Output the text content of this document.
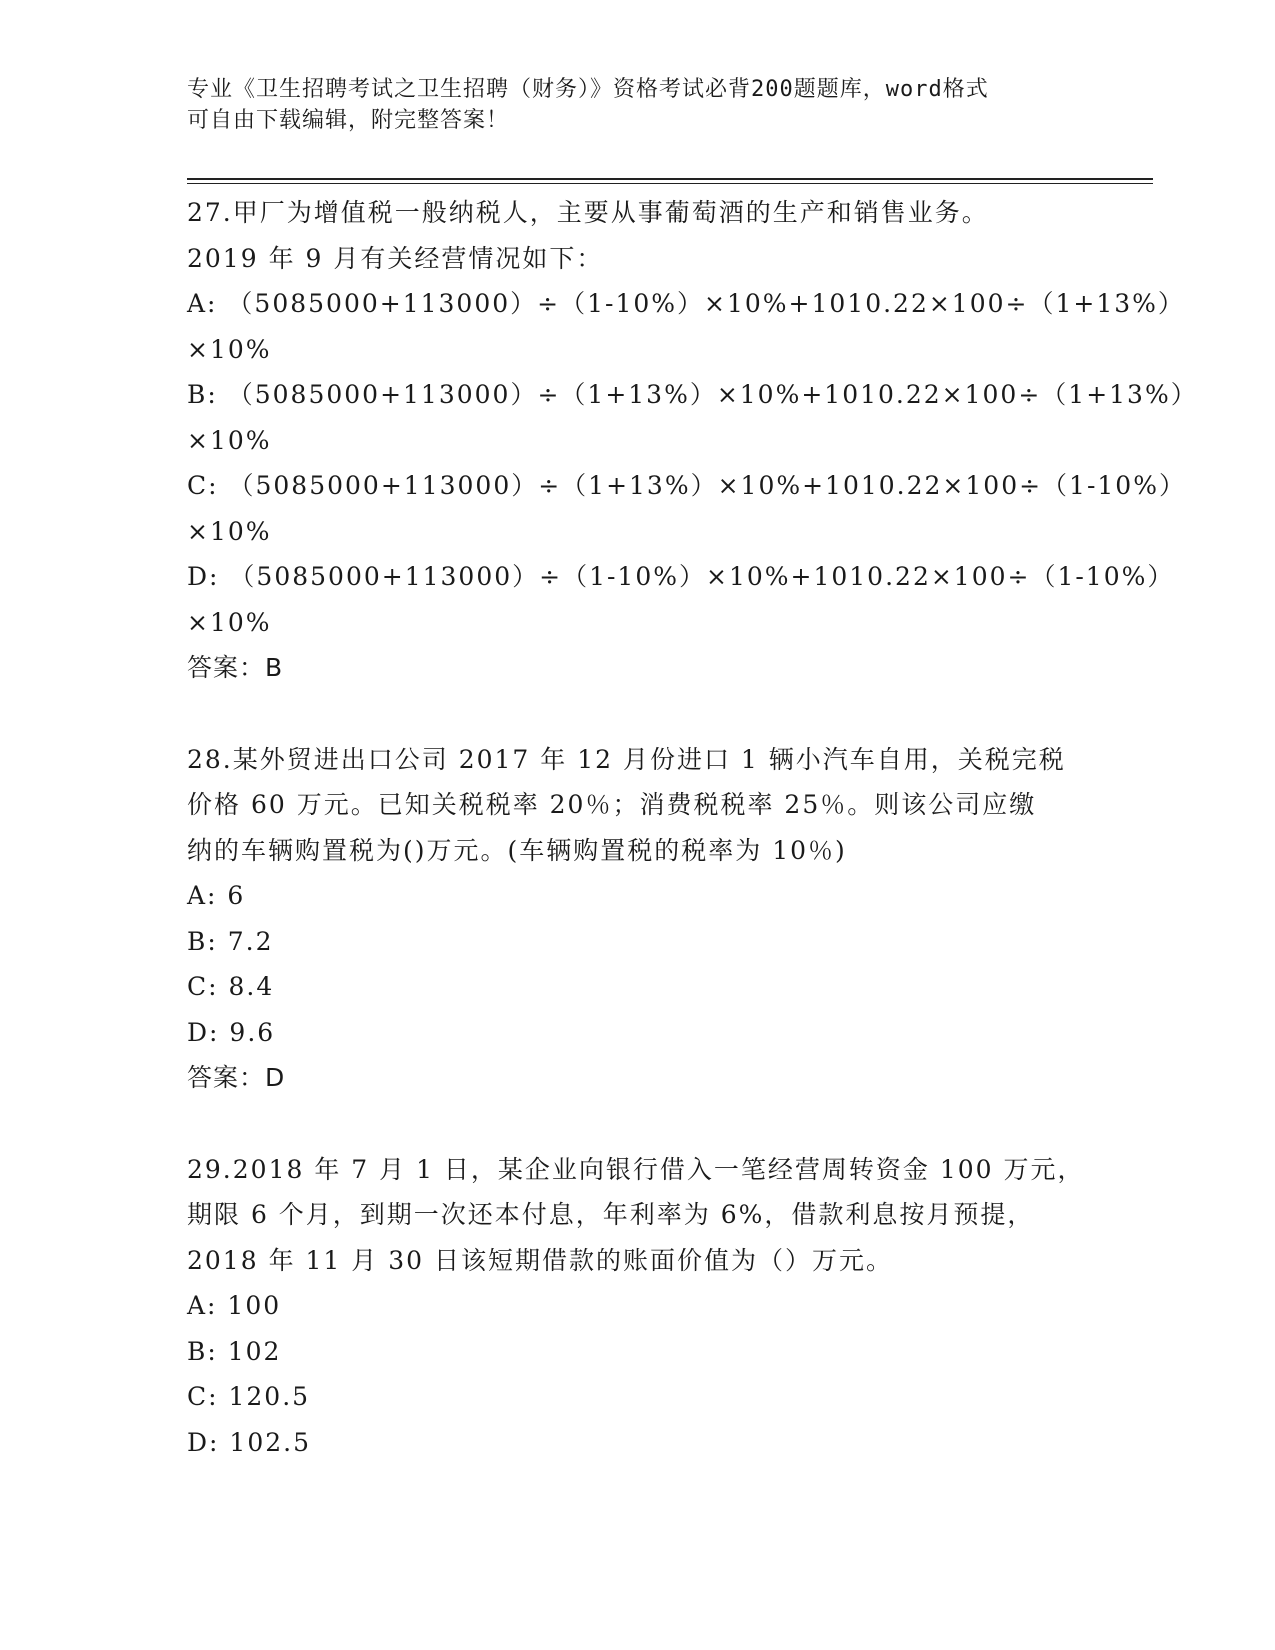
专业《卫生招聘考试之卫生招聘（财务）》资格考试必背200题题库，word格式
可自由下载编辑，附完整答案！
27.甲厂为增值税一般纳税人，主要从事葡萄酒的生产和销售业务。
2019 年 9 月有关经营情况如下：
A: （5085000+113000）÷（1-10%）×10%+1010.22×100÷（1+13%）
×10%
B: （5085000+113000）÷（1+13%）×10%+1010.22×100÷（1+13%）
×10%
C: （5085000+113000）÷（1+13%）×10%+1010.22×100÷（1-10%）
×10%
D: （5085000+113000）÷（1-10%）×10%+1010.22×100÷（1-10%）
×10%
答案：B
28.某外贸进出口公司 2017 年 12 月份进口 1 辆小汽车自用，关税完税
价格 60 万元。已知关税税率 20％；消费税税率 25％。则该公司应缴
纳的车辆购置税为()万元。(车辆购置税的税率为 10％)
A: 6
B: 7.2
C: 8.4
D: 9.6
答案：D
29.2018 年 7 月 1 日，某企业向银行借入一笔经营周转资金 100 万元，
期限 6 个月，到期一次还本付息，年利率为 6%，借款利息按月预提，
2018 年 11 月 30 日该短期借款的账面价值为（）万元。
A: 100
B: 102
C: 120.5
D: 102.5
